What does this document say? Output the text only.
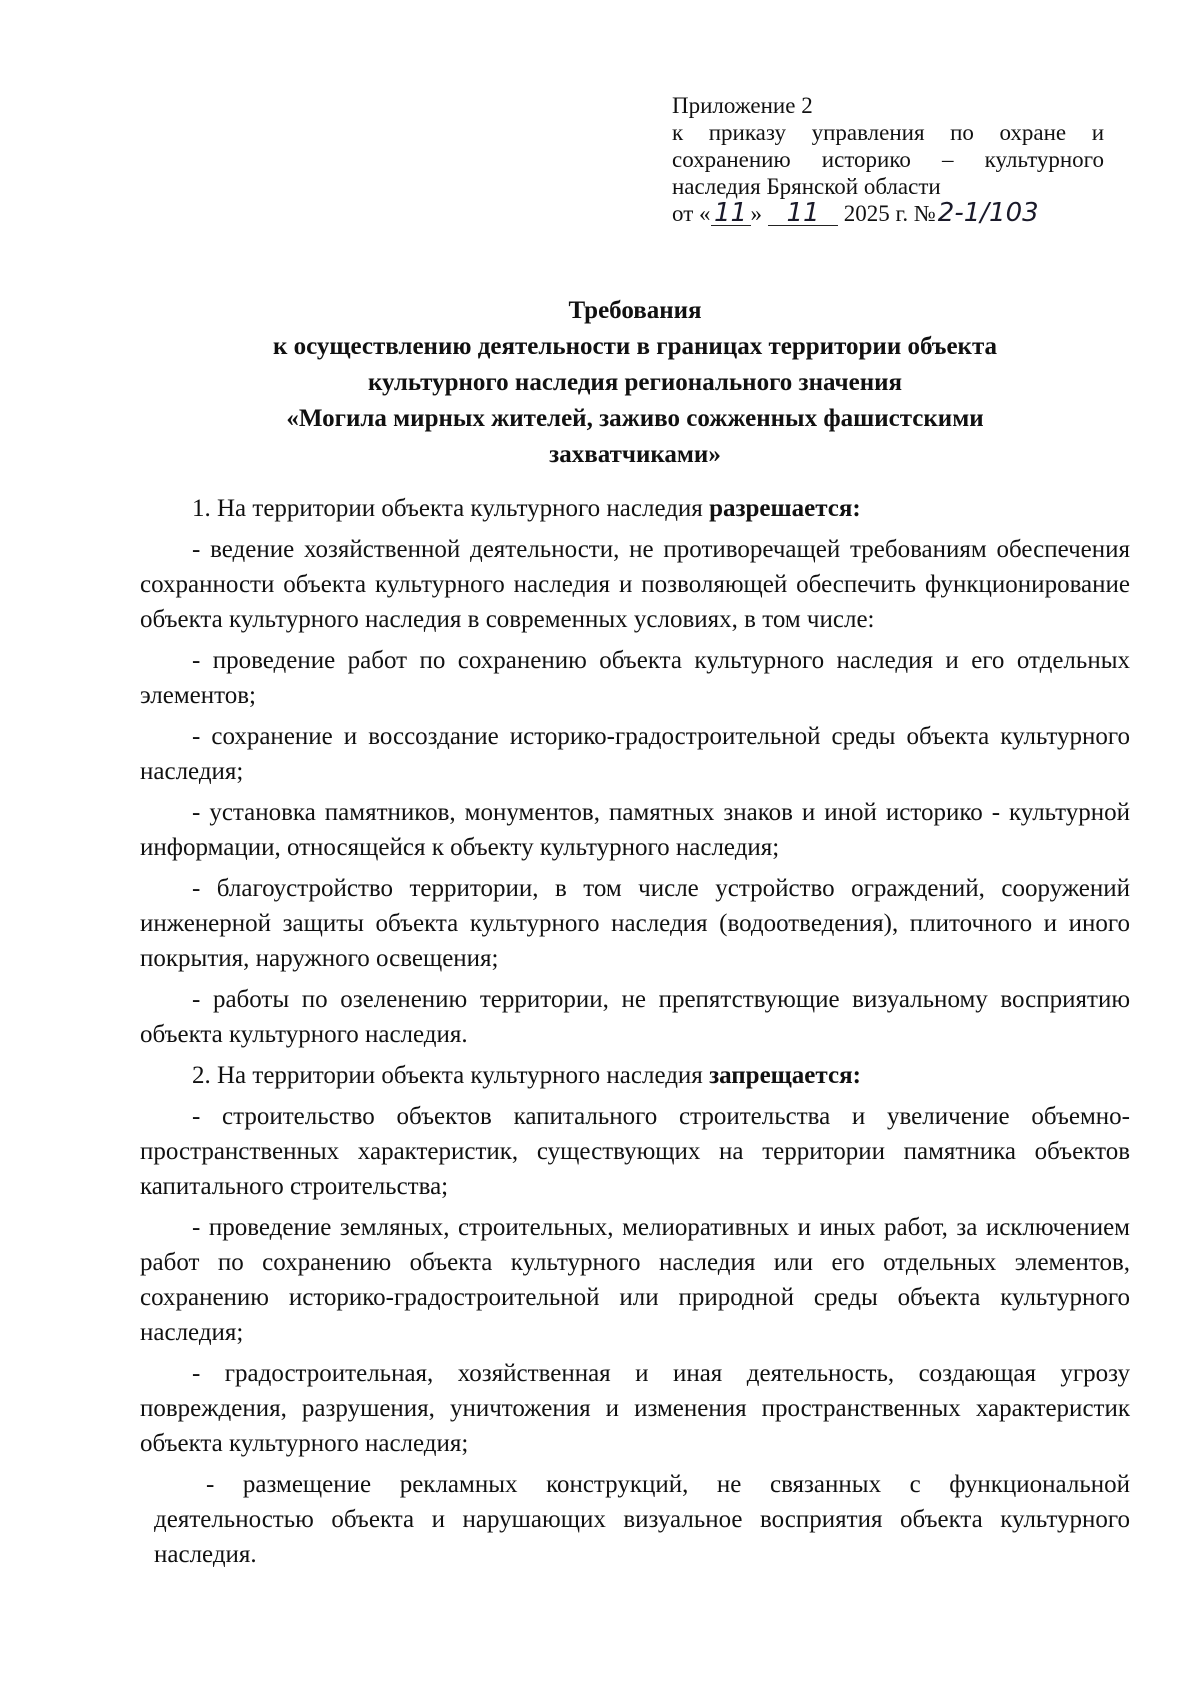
Приложение 2
к приказу управления по охране и
сохранению историко – культурного
наследия Брянской области
от « 11 » 11 2025 г. №2-1/103
Требования
к осуществлению деятельности в границах территории объекта
культурного наследия регионального значения
«Могила мирных жителей, заживо сожженных фашистскими
захватчиками»

1. На территории объекта культурного наследия разрешается:

- ведение хозяйственной деятельности, не противоречащей требованиям обеспечения сохранности объекта культурного наследия и позволяющей обеспечить функционирование объекта культурного наследия в современных условиях, в том числе:

- проведение работ по сохранению объекта культурного наследия и его отдельных элементов;

- сохранение и воссоздание историко-градостроительной среды объекта культурного наследия;

- установка памятников, монументов, памятных знаков и иной историко - культурной информации, относящейся к объекту культурного наследия;

- благоустройство территории, в том числе устройство ограждений, сооружений инженерной защиты объекта культурного наследия (водоотведения), плиточного и иного покрытия, наружного освещения;

- работы по озеленению территории, не препятствующие визуальному восприятию объекта культурного наследия.

2. На территории объекта культурного наследия запрещается:

- строительство объектов капитального строительства и увеличение объемно-пространственных характеристик, существующих на территории памятника объектов капитального строительства;

- проведение земляных, строительных, мелиоративных и иных работ, за исключением работ по сохранению объекта культурного наследия или его отдельных элементов, сохранению историко-градостроительной или природной среды объекта культурного наследия;

- градостроительная, хозяйственная и иная деятельность, создающая угрозу повреждения, разрушения, уничтожения и изменения пространственных характеристик объекта культурного наследия;

- размещение рекламных конструкций, не связанных с функциональной деятельностью объекта и нарушающих визуальное восприятия объекта культурного наследия.
